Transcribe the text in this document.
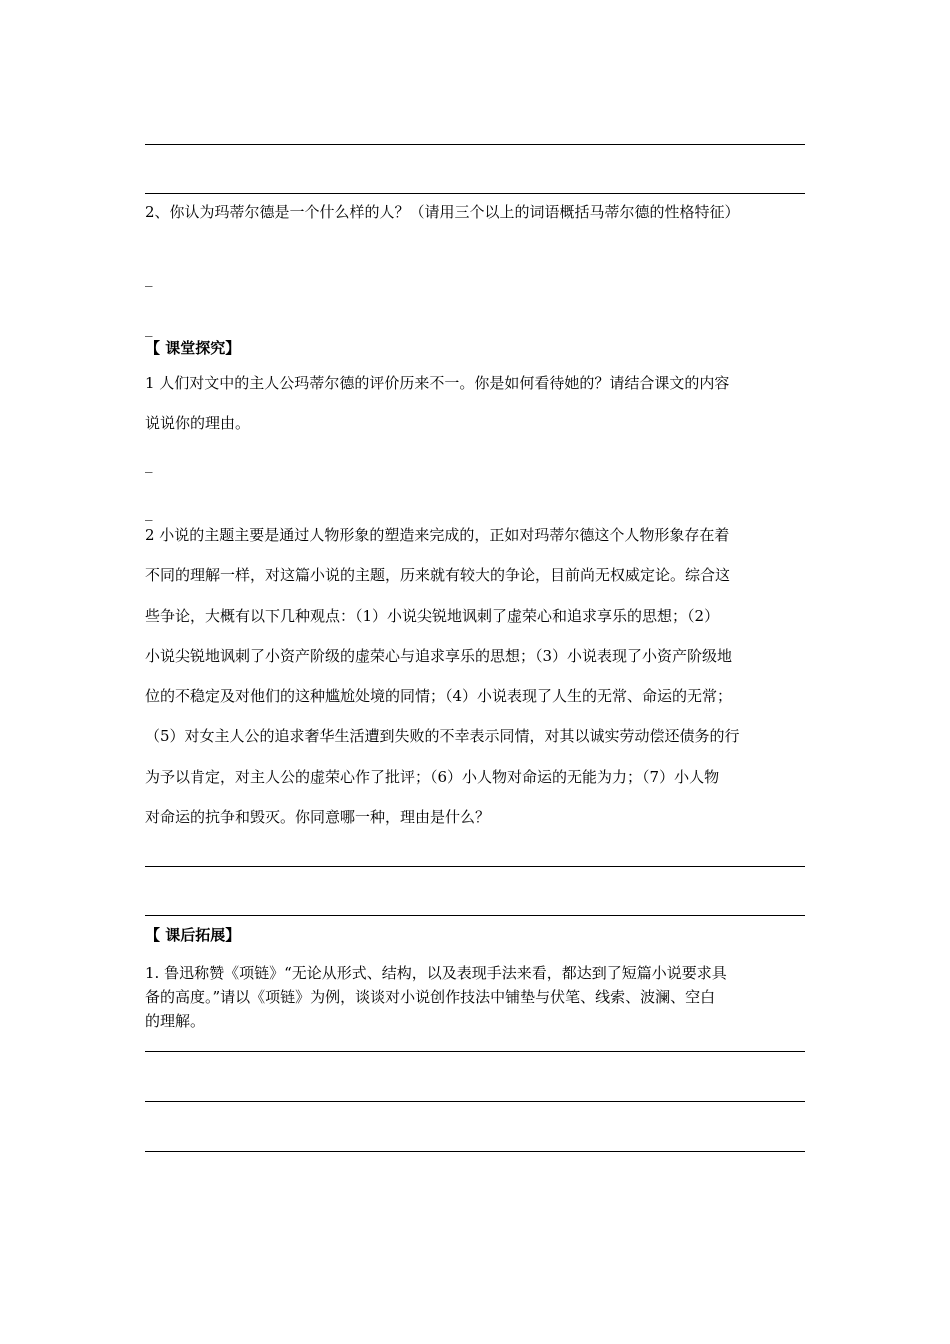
2、你认为玛蒂尔德是一个什么样的人？（请用三个以上的词语概括马蒂尔德的性格特征）
_
_
【 课堂探究】
1 人们对文中的主人公玛蒂尔德的评价历来不一。你是如何看待她的？请结合课文的内容
说说你的理由。
_
_
2 小说的主题主要是通过人物形象的塑造来完成的，正如对玛蒂尔德这个人物形象存在着
不同的理解一样，对这篇小说的主题，历来就有较大的争论，目前尚无权威定论。综合这
些争论，大概有以下几种观点：（1）小说尖锐地讽刺了虚荣心和追求享乐的思想；（2）
小说尖锐地讽刺了小资产阶级的虚荣心与追求享乐的思想；（3）小说表现了小资产阶级地
位的不稳定及对他们的这种尴尬处境的同情；（4）小说表现了人生的无常、命运的无常；
（5）对女主人公的追求奢华生活遭到失败的不幸表示同情，对其以诚实劳动偿还债务的行
为予以肯定，对主人公的虚荣心作了批评；（6）小人物对命运的无能为力；（7）小人物
对命运的抗争和毁灭。你同意哪一种，理由是什么？
【 课后拓展】
1. 鲁迅称赞《项链》“无论从形式、结构，以及表现手法来看，都达到了短篇小说要求具
备的高度。”请以《项链》为例，谈谈对小说创作技法中铺垫与伏笔、线索、波澜、空白
的理解。
